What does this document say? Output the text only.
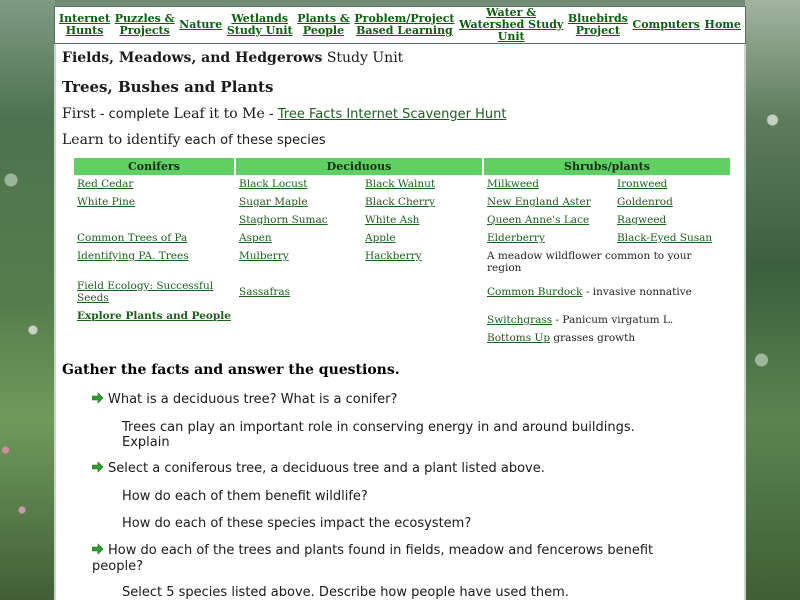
Internet
Hunts
Puzzles &
Projects Nature Wetlands
Study Unit
Plants &
People
Problem/Project
Based Learning
Water &
Watershed Study
Unit
Bluebirds
Project	Computers Home

Fields, Meadows, and Hedgerows Study Unit

Trees, Bushes and Plants

First - complete Leaf it to Me - Tree Facts Internet Scavenger Hunt

Learn to identify each of these species

Conifers	Deciduous		Shrubs/plants	
Red Cedar	Black Locust	Black Walnut	Milkweed	Ironweed
White Pine	Sugar Maple	Black Cherry	New England Aster	Goldenrod
	Staghorn Sumac	White Ash	Queen Anne's Lace	Ragweed
Common Trees of Pa	Aspen	Apple	Elderberry	Black-Eyed Susan
Identifying PA. Trees	Mulberry	Hackberry	A meadow wildflower common to your region	
Field Ecology: Successful Seeds	Sassafras		Common Burdock - invasive nonnative	
Explore Plants and People			Switchgrass - Panicum virgatum L.	
			Bottoms Up grasses growth	

Gather the facts and answer the questions.

What is a deciduous tree? What is a conifer?
Trees can play an important role in conserving energy in and around buildings. Explain
Select a coniferous tree, a deciduous tree and a plant listed above.
How do each of them benefit wildlife?
How do each of these species impact the ecosystem?
How do each of the trees and plants found in fields, meadow and fencerows benefit people?
Select 5 species listed above. Describe how people have used them.
